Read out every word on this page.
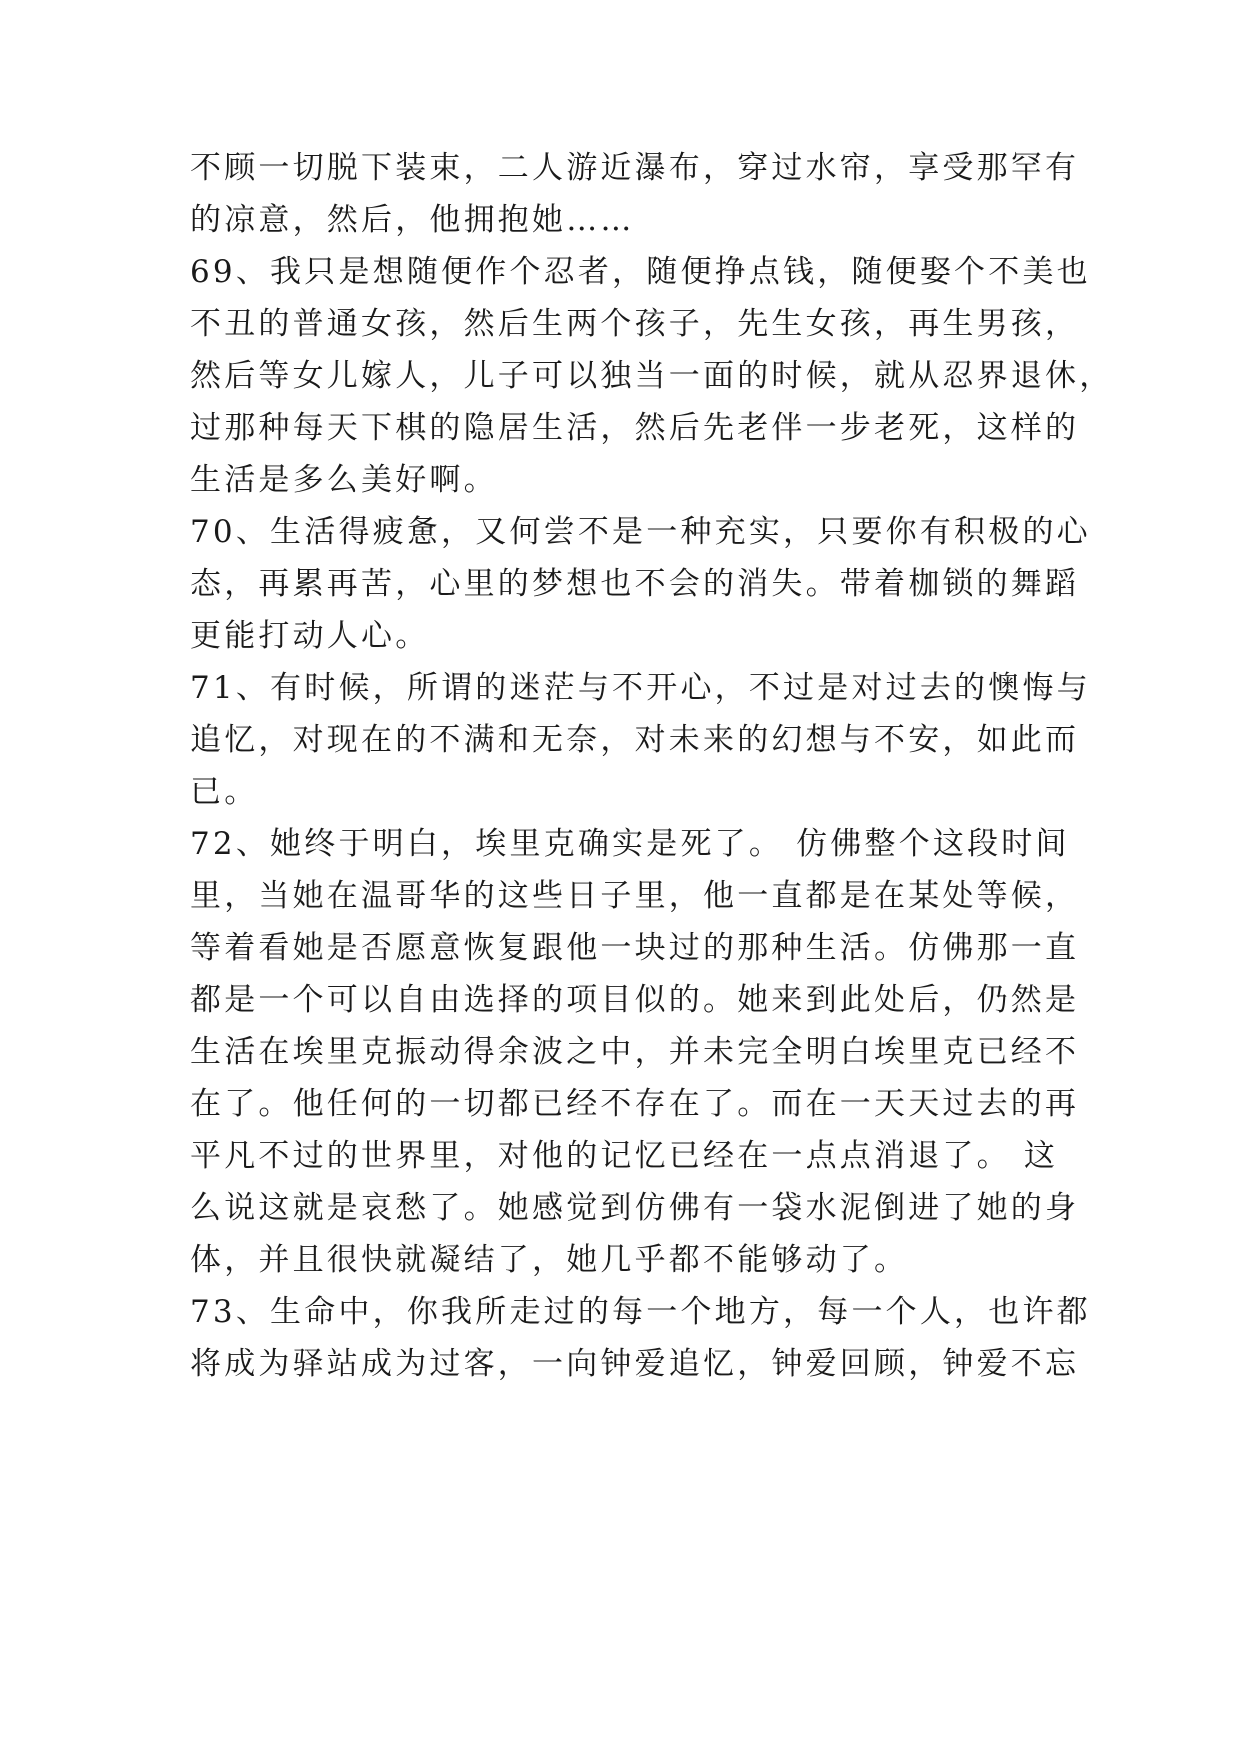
不顾一切脱下装束，二人游近瀑布，穿过水帘，享受那罕有
的凉意，然后，他拥抱她……
69、我只是想随便作个忍者，随便挣点钱，随便娶个不美也
不丑的普通女孩，然后生两个孩子，先生女孩，再生男孩，
然后等女儿嫁人，儿子可以独当一面的时候，就从忍界退休，
过那种每天下棋的隐居生活，然后先老伴一步老死，这样的
生活是多么美好啊。
70、生活得疲惫，又何尝不是一种充实，只要你有积极的心
态，再累再苦，心里的梦想也不会的消失。带着枷锁的舞蹈
更能打动人心。
71、有时候，所谓的迷茫与不开心，不过是对过去的懊悔与
追忆，对现在的不满和无奈，对未来的幻想与不安，如此而
已。
72、她终于明白，埃里克确实是死了。 仿佛整个这段时间
里，当她在温哥华的这些日子里，他一直都是在某处等候，
等着看她是否愿意恢复跟他一块过的那种生活。仿佛那一直
都是一个可以自由选择的项目似的。她来到此处后，仍然是
生活在埃里克振动得余波之中，并未完全明白埃里克已经不
在了。他任何的一切都已经不存在了。而在一天天过去的再
平凡不过的世界里，对他的记忆已经在一点点消退了。 这
么说这就是哀愁了。她感觉到仿佛有一袋水泥倒进了她的身
体，并且很快就凝结了，她几乎都不能够动了。
73、生命中，你我所走过的每一个地方，每一个人，也许都
将成为驿站成为过客，一向钟爱追忆，钟爱回顾，钟爱不忘
